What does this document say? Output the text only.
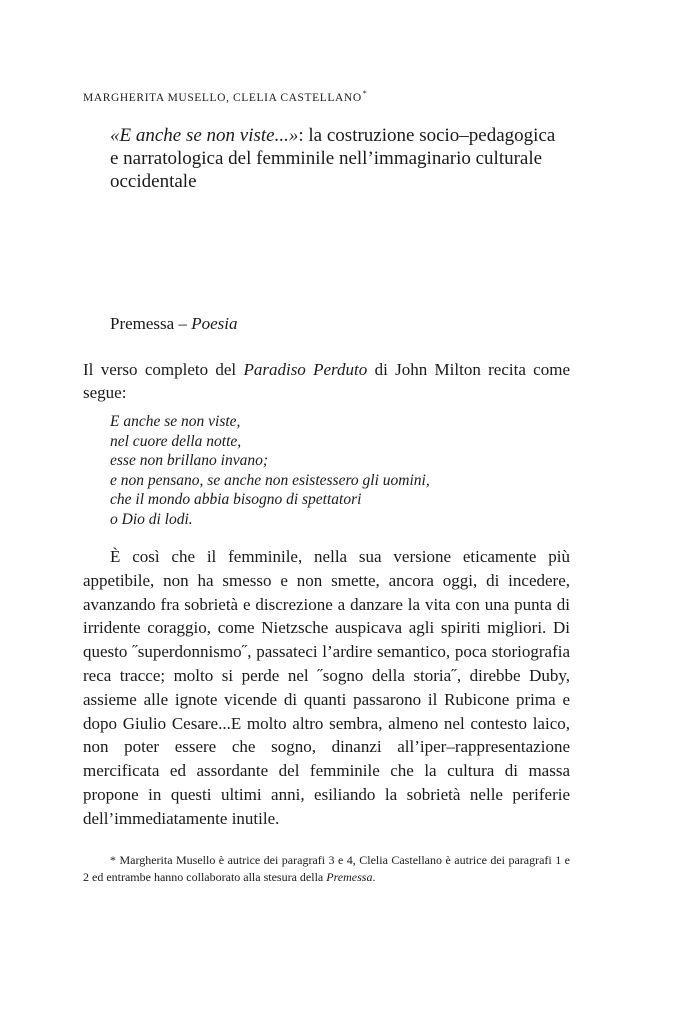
MARGHERITA MUSELLO, CLELIA CASTELLANO*
«E anche se non viste...»: la costruzione socio–pedagogica
e narratologica del femminile nell’immaginario culturale
occidentale
Premessa – Poesia
Il verso completo del Paradiso Perduto di John Milton recita come segue:
E anche se non viste,
nel cuore della notte,
esse non brillano invano;
e non pensano, se anche non esistessero gli uomini,
che il mondo abbia bisogno di spettatori
o Dio di lodi.
È così che il femminile, nella sua versione eticamente più appetibile, non ha smesso e non smette, ancora oggi, di incedere, avanzando fra sobrietà e discrezione a danzare la vita con una punta di irridente coraggio, come Nietzsche auspicava agli spiriti migliori. Di questo ˝superdonnismo˝, passateci l’ardire semantico, poca storiografia reca tracce; molto si perde nel ˝sogno della storia˝, direbbe Duby, assieme alle ignote vicende di quanti passarono il Rubicone prima e dopo Giulio Cesare...E molto altro sembra, almeno nel contesto laico, non poter essere che sogno, dinanzi all’iper–rappresentazione mercificata ed assordante del femminile che la cultura di massa propone in questi ultimi anni, esiliando la sobrietà nelle periferie dell’immediatamente inutile.
* Margherita Musello è autrice dei paragrafi 3 e 4, Clelia Castellano è autrice dei paragrafi 1 e 2 ed entrambe hanno collaborato alla stesura della Premessa.
